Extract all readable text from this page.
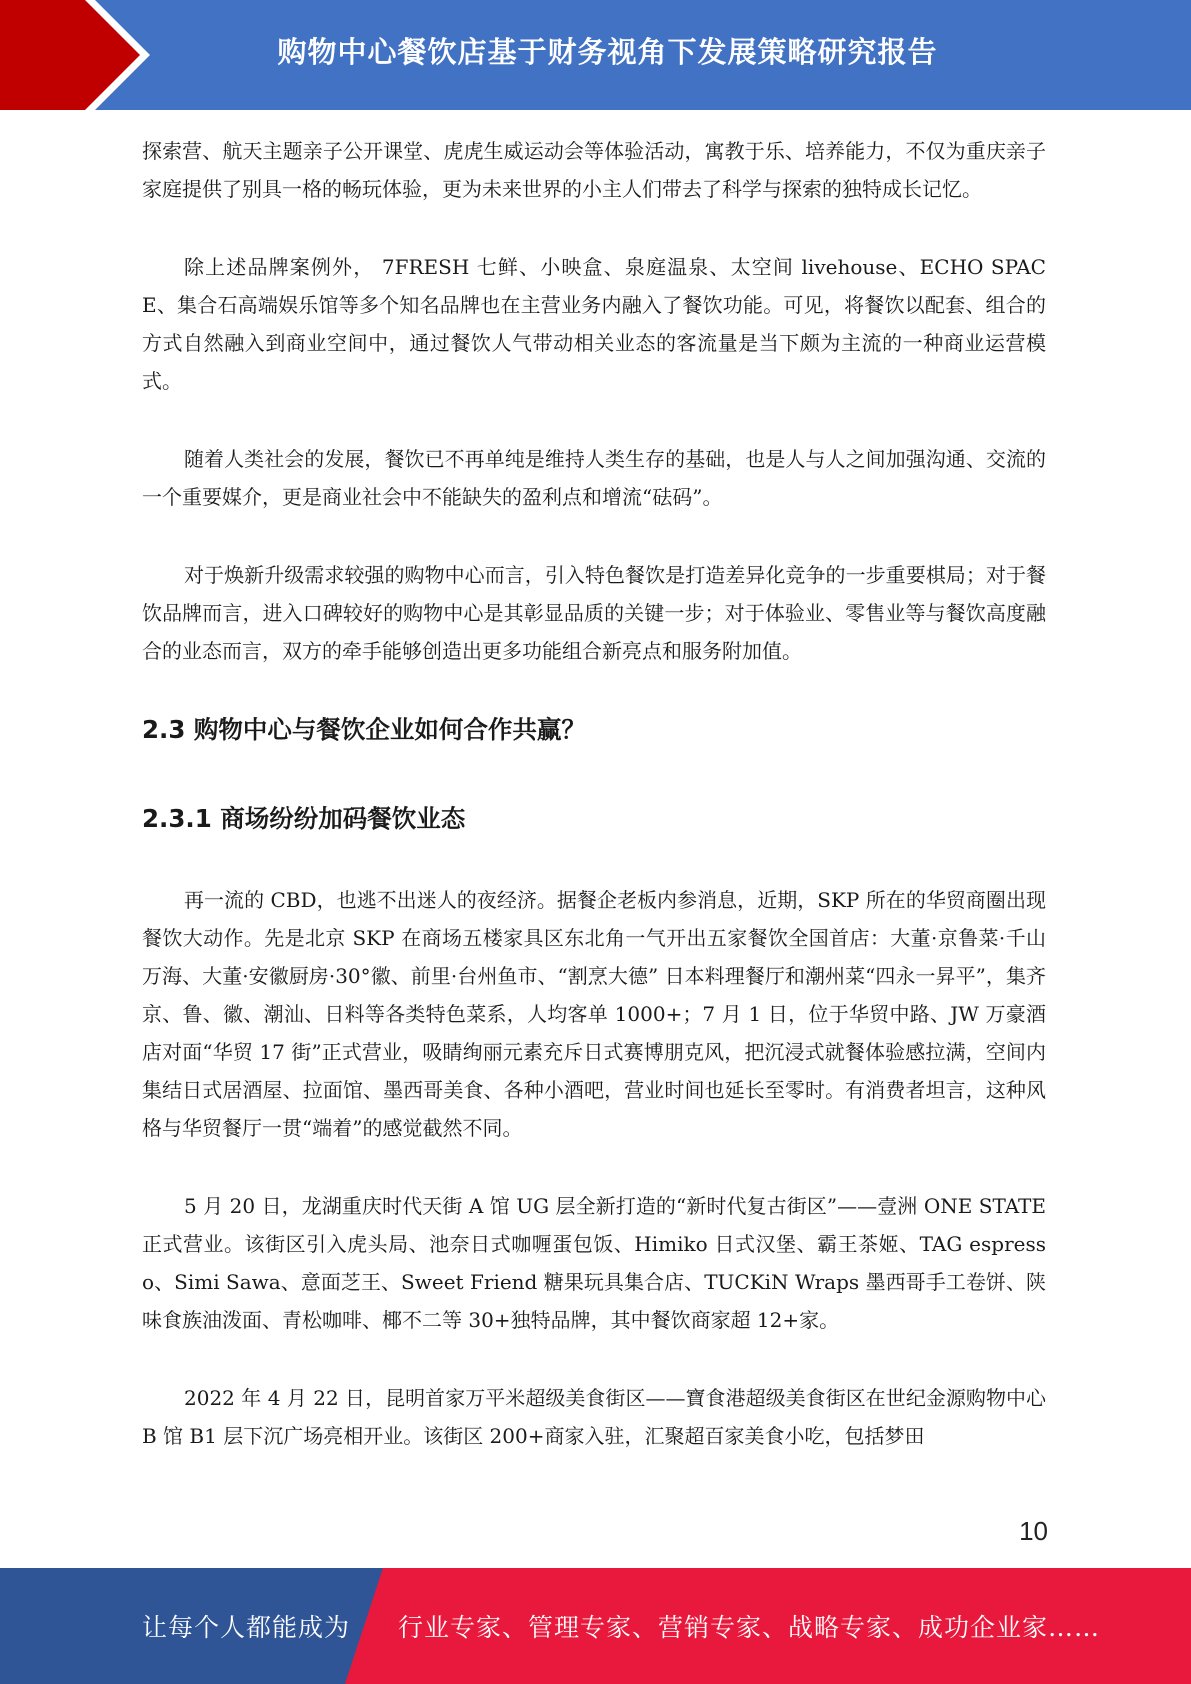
购物中心餐饮店基于财务视角下发展策略研究报告

探索营、航天主题亲子公开课堂、虎虎生威运动会等体验活动，寓教于乐、培养能力，不仅为重庆亲子家庭提供了别具一格的畅玩体验，更为未来世界的小主人们带去了科学与探索的独特成长记忆。

除上述品牌案例外， 7FRESH 七鲜、小映盒、泉庭温泉、太空间 livehouse、ECHO SPACE、集合石高端娱乐馆等多个知名品牌也在主营业务内融入了餐饮功能。可见，将餐饮以配套、组合的方式自然融入到商业空间中，通过餐饮人气带动相关业态的客流量是当下颇为主流的一种商业运营模式。

随着人类社会的发展，餐饮已不再单纯是维持人类生存的基础，也是人与人之间加强沟通、交流的一个重要媒介，更是商业社会中不能缺失的盈利点和增流“砝码”。

对于焕新升级需求较强的购物中心而言，引入特色餐饮是打造差异化竞争的一步重要棋局；对于餐饮品牌而言，进入口碑较好的购物中心是其彰显品质的关键一步；对于体验业、零售业等与餐饮高度融合的业态而言，双方的牵手能够创造出更多功能组合新亮点和服务附加值。

2.3 购物中心与餐饮企业如何合作共赢？
2.3.1 商场纷纷加码餐饮业态

再一流的 CBD，也逃不出迷人的夜经济。据餐企老板内参消息，近期，SKP 所在的华贸商圈出现餐饮大动作。先是北京 SKP 在商场五楼家具区东北角一气开出五家餐饮全国首店：大董·京鲁菜·千山万海、大董·安徽厨房·30°徽、前里·台州鱼市、“割烹大德” 日本料理餐厅和潮州菜“四永一昇平”，集齐京、鲁、徽、潮汕、日料等各类特色菜系，人均客单 1000+；7 月 1 日，位于华贸中路、JW 万豪酒店对面“华贸 17 街”正式营业，吸睛绚丽元素充斥日式赛博朋克风，把沉浸式就餐体验感拉满，空间内集结日式居酒屋、拉面馆、墨西哥美食、各种小酒吧，营业时间也延长至零时。有消费者坦言，这种风格与华贸餐厅一贯“端着”的感觉截然不同。

5 月 20 日，龙湖重庆时代天街 A 馆 UG 层全新打造的“新时代复古街区”——壹洲 ONE STATE 正式营业。该街区引入虎头局、池奈日式咖喱蛋包饭、Himiko 日式汉堡、霸王茶姬、TAG espresso、Simi Sawa、意面芝王、Sweet Friend 糖果玩具集合店、TUCKiN Wraps 墨西哥手工卷饼、陕味食族油泼面、青松咖啡、椰不二等 30+独特品牌，其中餐饮商家超 12+家。

2022 年 4 月 22 日，昆明首家万平米超级美食街区——寶食港超级美食街区在世纪金源购物中心 B 馆 B1 层下沉广场亮相开业。该街区 200+商家入驻，汇聚超百家美食小吃，包括梦田

10
让每个人都能成为 行业专家、管理专家、营销专家、战略专家、成功企业家……
